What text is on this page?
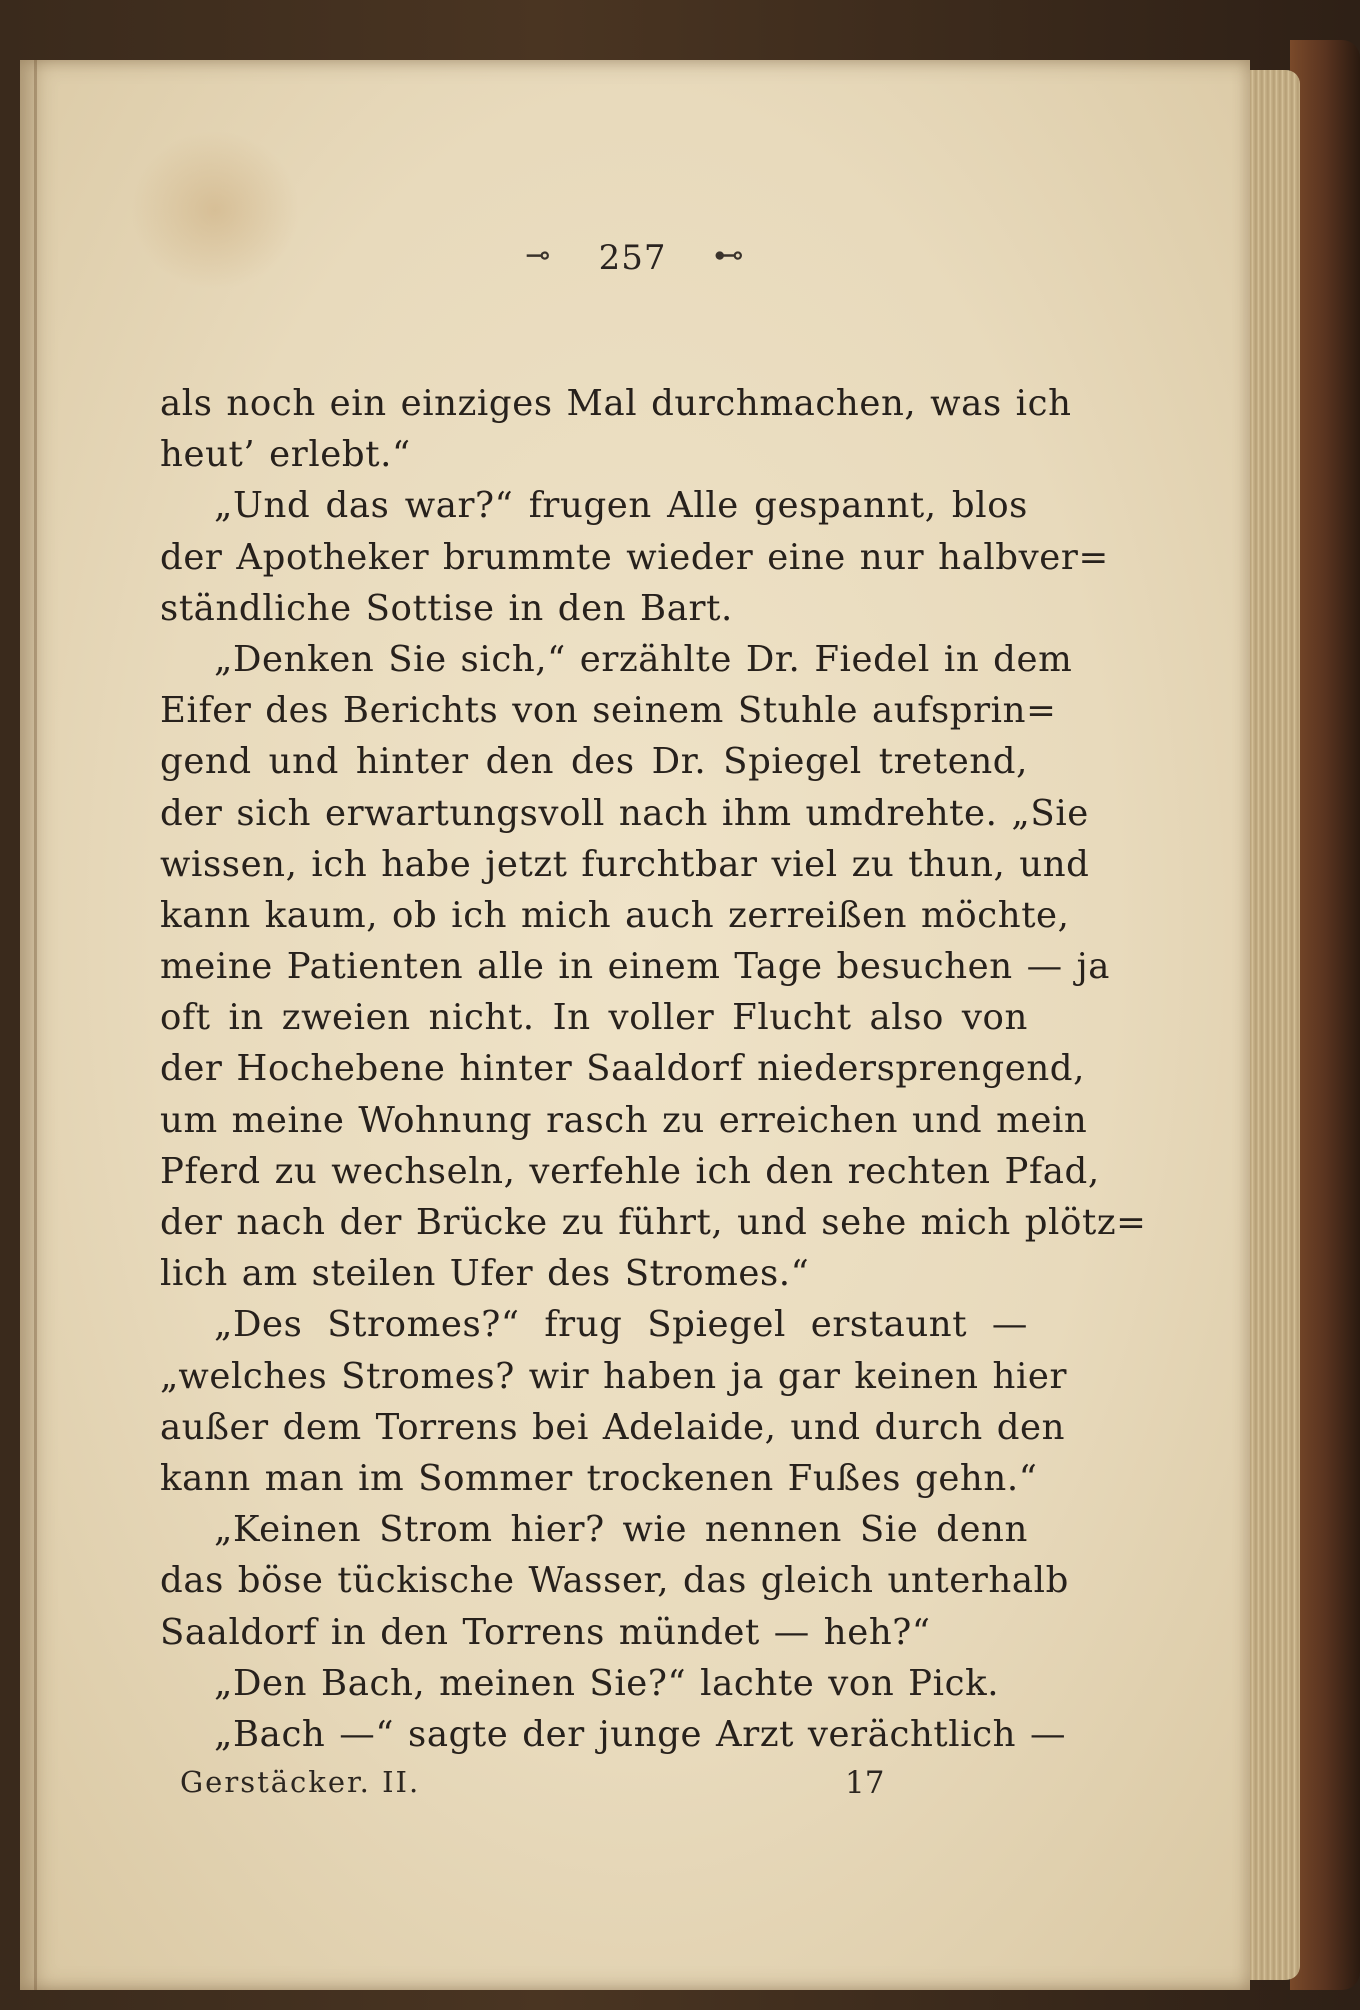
⊸ 257 ⊷
als noch ein einziges Mal durchmachen, was ich
heut’ erlebt.“
„Und das war?“ frugen Alle gespannt, blos
der Apotheker brummte wieder eine nur halbver=
ständliche Sottise in den Bart.
„Denken Sie sich,“ erzählte Dr. Fiedel in dem
Eifer des Berichts von seinem Stuhle aufsprin=
gend und hinter den des Dr. Spiegel tretend,
der sich erwartungsvoll nach ihm umdrehte. „Sie
wissen, ich habe jetzt furchtbar viel zu thun, und
kann kaum, ob ich mich auch zerreißen möchte,
meine Patienten alle in einem Tage besuchen — ja
oft in zweien nicht. In voller Flucht also von
der Hochebene hinter Saaldorf niedersprengend,
um meine Wohnung rasch zu erreichen und mein
Pferd zu wechseln, verfehle ich den rechten Pfad,
der nach der Brücke zu führt, und sehe mich plötz=
lich am steilen Ufer des Stromes.“
„Des Stromes?“ frug Spiegel erstaunt —
„welches Stromes? wir haben ja gar keinen hier
außer dem Torrens bei Adelaide, und durch den
kann man im Sommer trockenen Fußes gehn.“
„Keinen Strom hier? wie nennen Sie denn
das böse tückische Wasser, das gleich unterhalb
Saaldorf in den Torrens mündet — heh?“
„Den Bach, meinen Sie?“ lachte von Pick.
„Bach —“ sagte der junge Arzt verächtlich —
Gerstäcker. II.	17
